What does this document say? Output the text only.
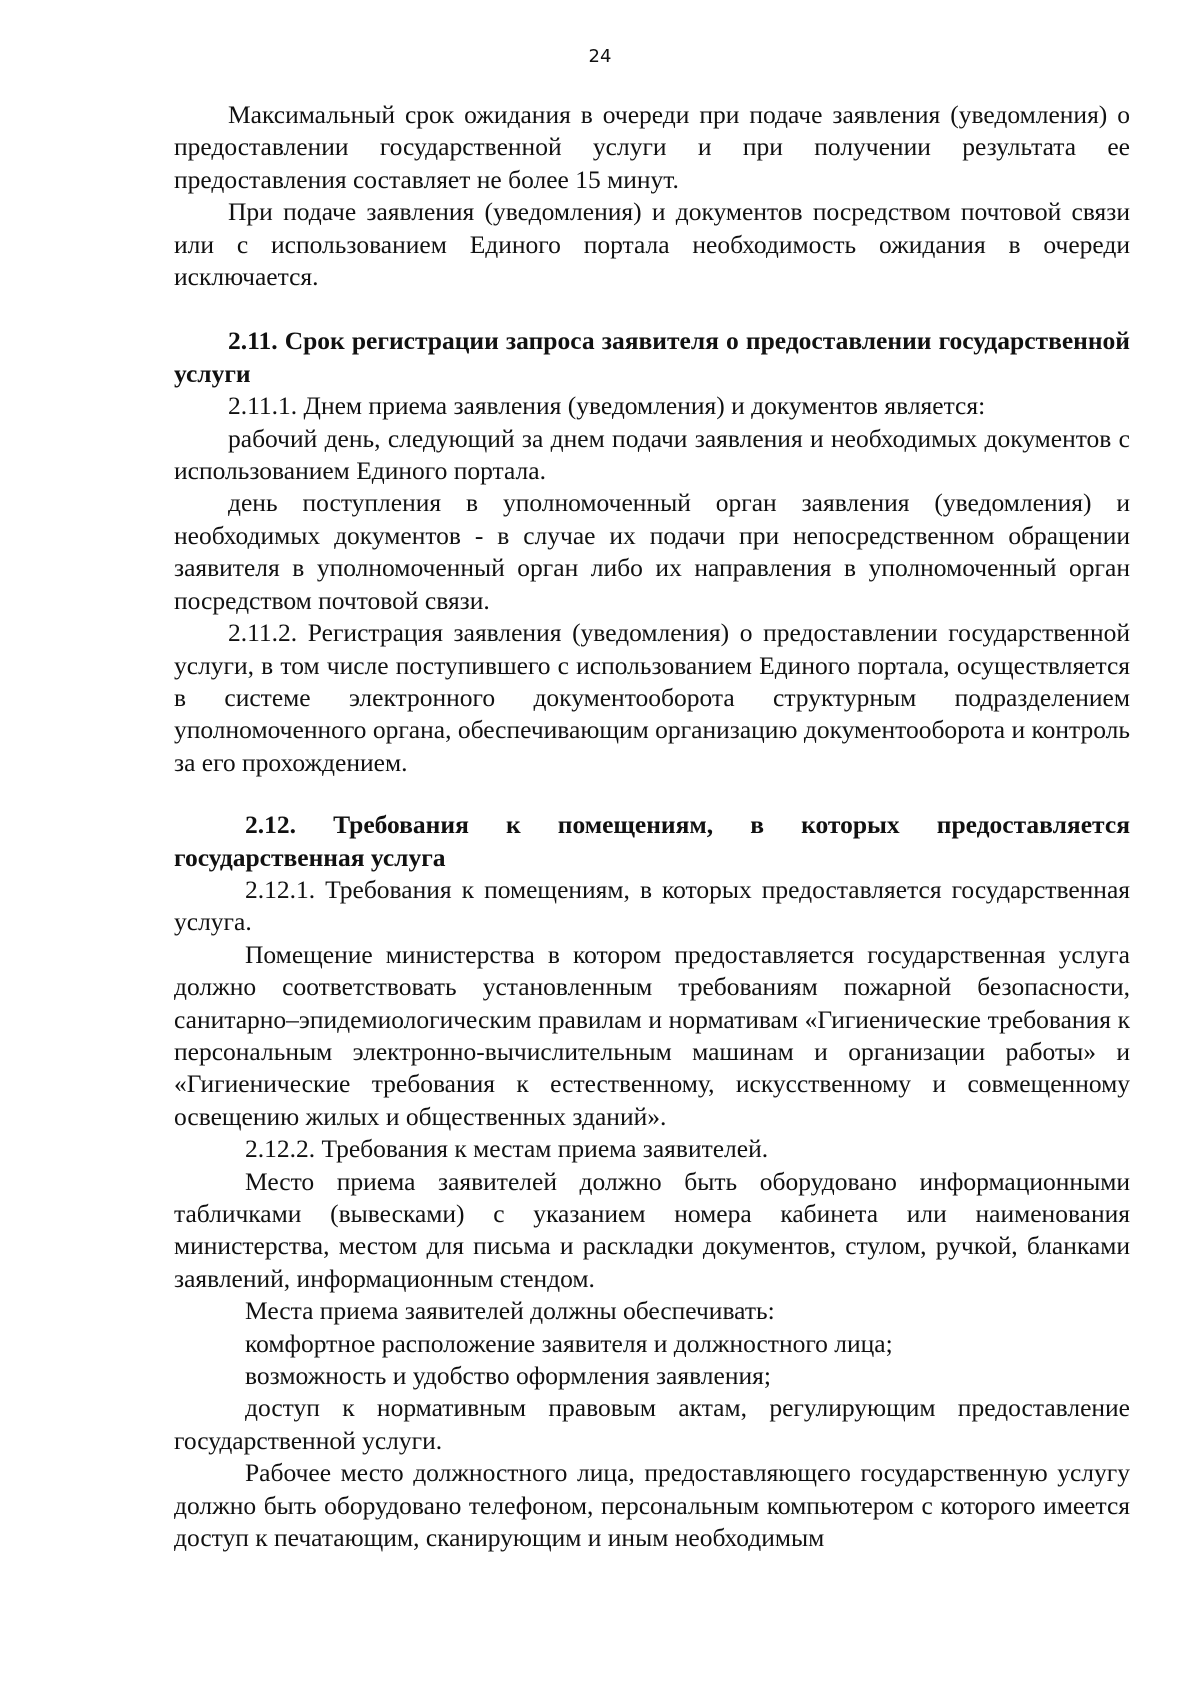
24

Максимальный срок ожидания в очереди при подаче заявления (уведомления) о предоставлении государственной услуги и при получении результата ее предоставления составляет не более 15 минут.

При подаче заявления (уведомления) и документов посредством почтовой связи или с использованием Единого портала необходимость ожидания в очереди исключается.

2.11. Срок регистрации запроса заявителя о предоставлении государственной услуги

2.11.1. Днем приема заявления (уведомления) и документов является:

рабочий день, следующий за днем подачи заявления и необходимых документов с использованием Единого портала.

день поступления в уполномоченный орган заявления (уведомления) и необходимых документов - в случае их подачи при непосредственном обращении заявителя в уполномоченный орган либо их направления в уполномоченный орган посредством почтовой связи.

2.11.2. Регистрация заявления (уведомления) о предоставлении государственной услуги, в том числе поступившего с использованием Единого портала, осуществляется в системе электронного документооборота структурным подразделением уполномоченного органа, обеспечивающим организацию документооборота и контроль за его прохождением.

2.12. Требования к помещениям, в которых предоставляется государственная услуга

2.12.1. Требования к помещениям, в которых предоставляется государственная услуга.

Помещение министерства в котором предоставляется государственная услуга должно соответствовать установленным требованиям пожарной безопасности, санитарно–эпидемиологическим правилам и нормативам «Гигиенические требования к персональным электронно-вычислительным машинам и организации работы» и «Гигиенические требования к естественному, искусственному и совмещенному освещению жилых и общественных зданий».

2.12.2. Требования к местам приема заявителей.

Место приема заявителей должно быть оборудовано информационными табличками (вывесками) с указанием номера кабинета или наименования министерства, местом для письма и раскладки документов, стулом, ручкой, бланками заявлений, информационным стендом.

Места приема заявителей должны обеспечивать:

комфортное расположение заявителя и должностного лица;

возможность и удобство оформления заявления;

доступ к нормативным правовым актам, регулирующим предоставление государственной услуги.

Рабочее место должностного лица, предоставляющего государственную услугу должно быть оборудовано телефоном, персональным компьютером с которого имеется доступ к печатающим, сканирующим и иным необходимым
